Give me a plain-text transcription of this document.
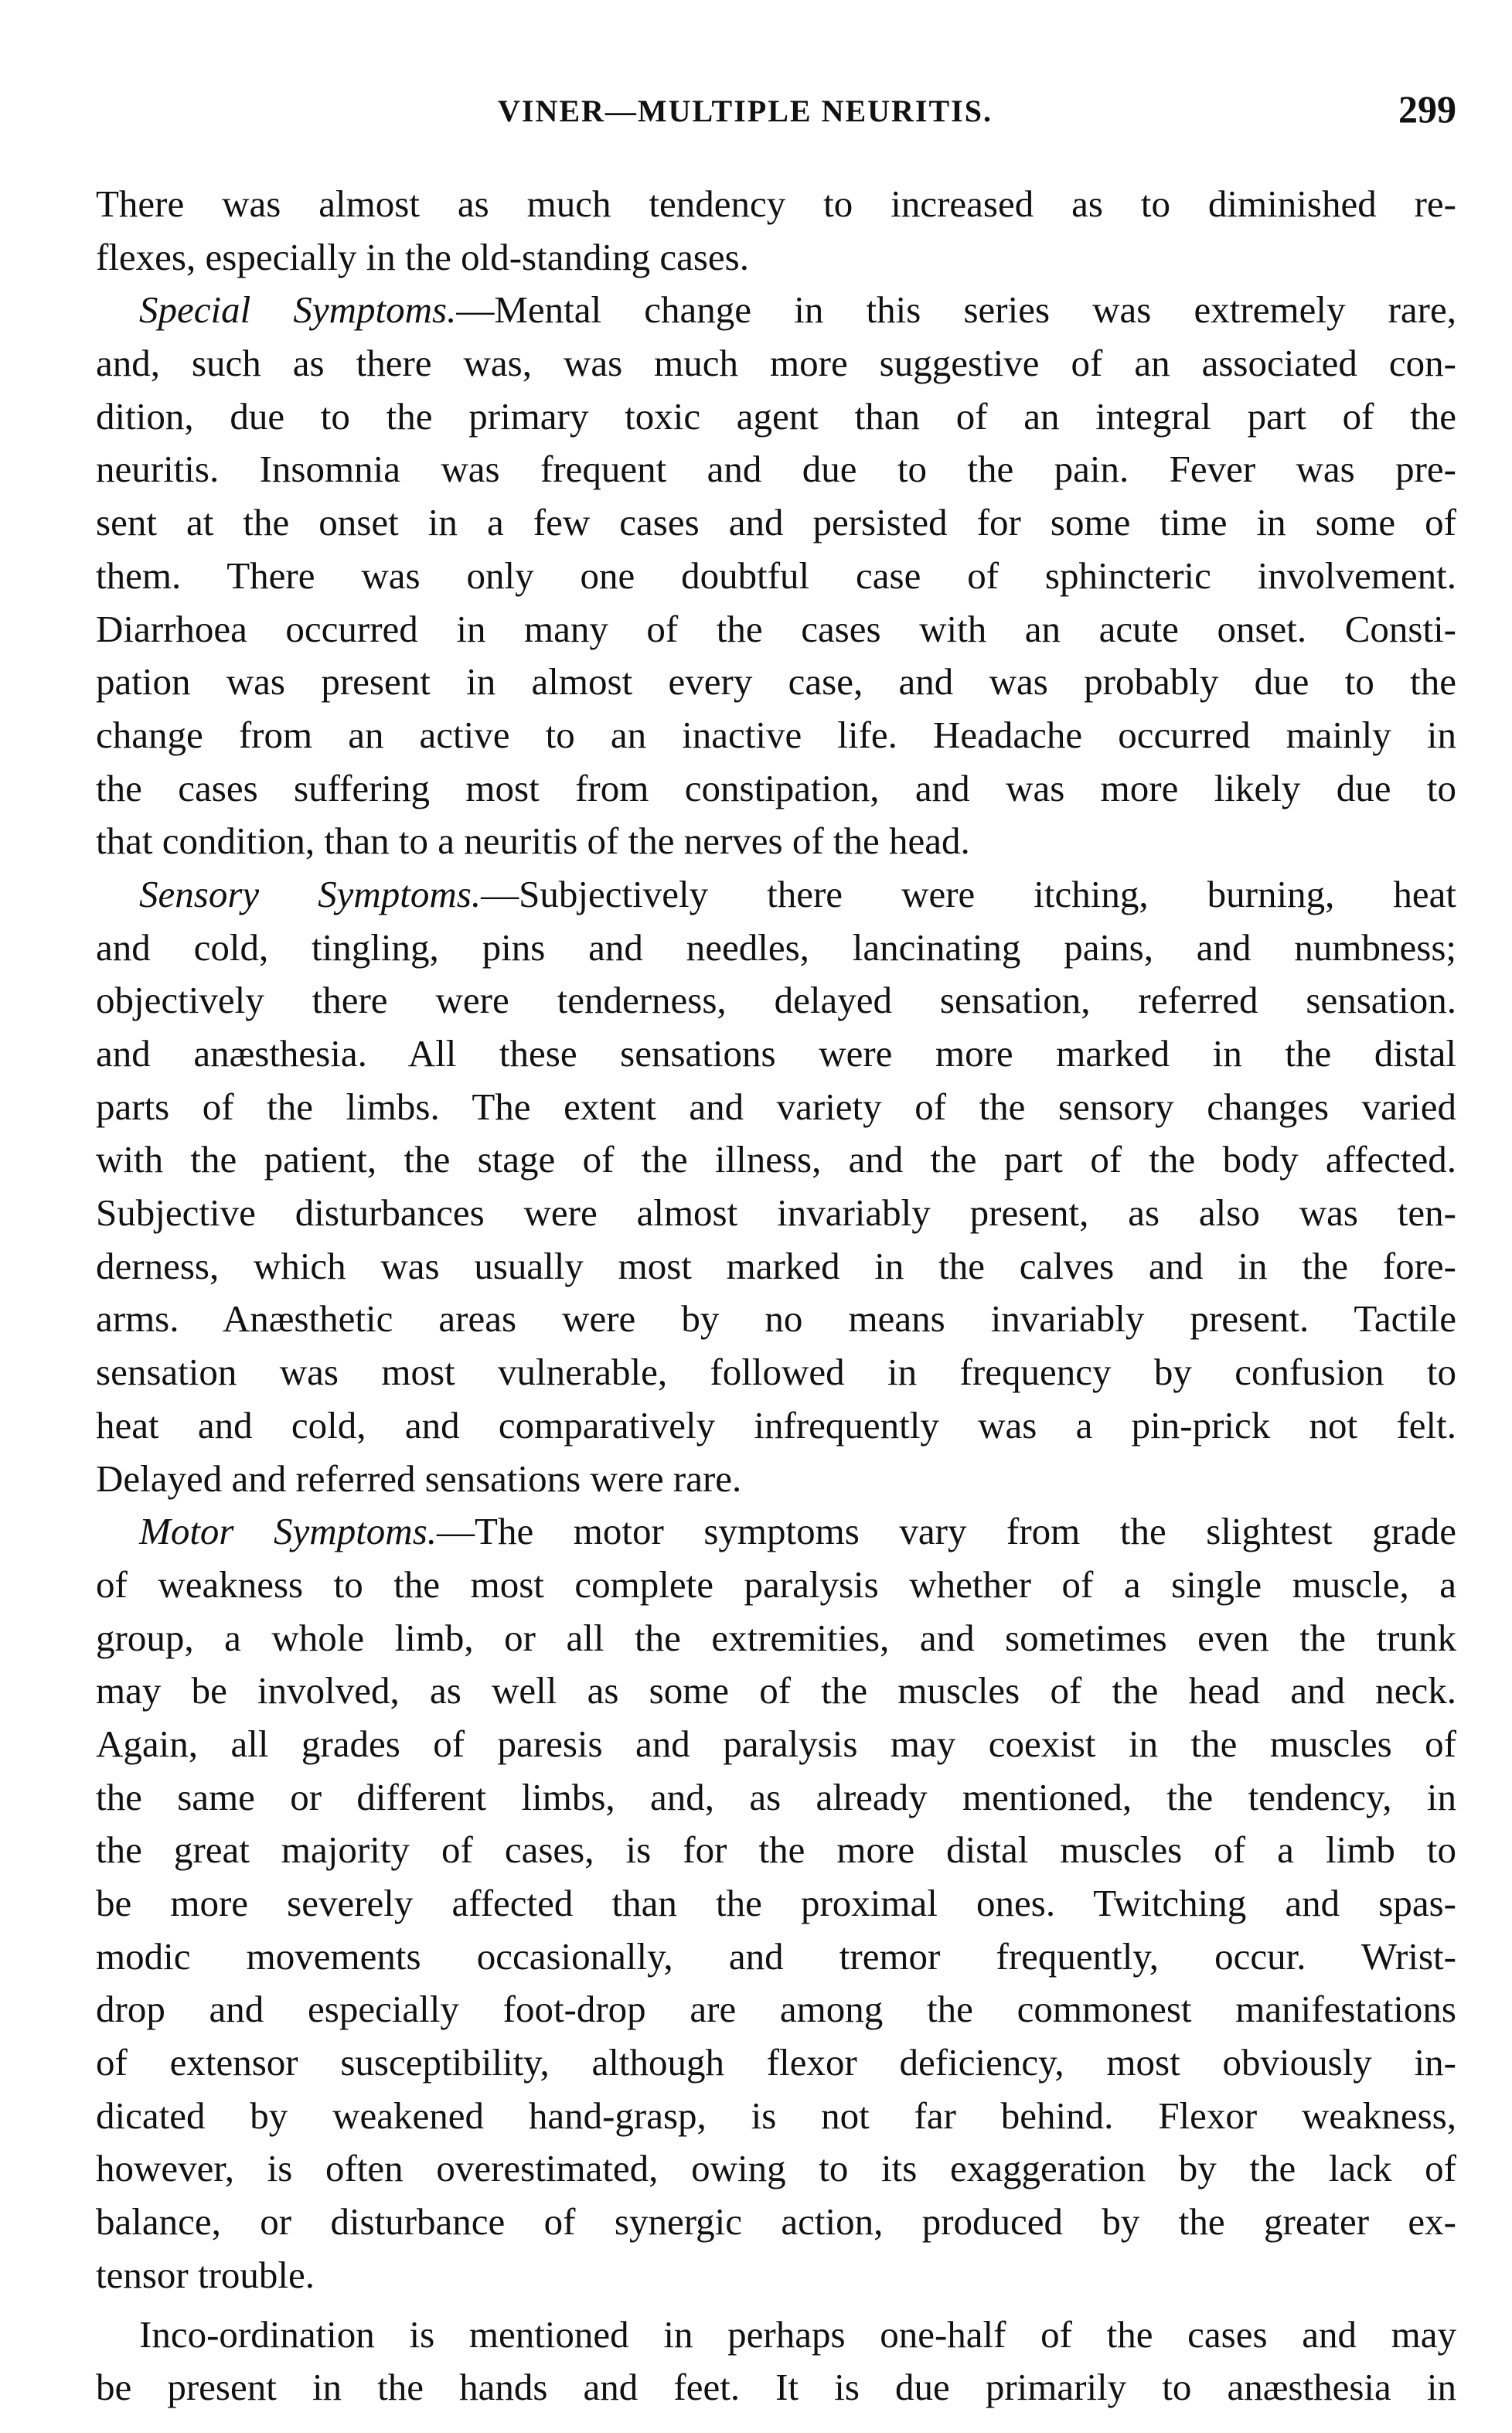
VINER—MULTIPLE NEURITIS.	299
There was almost as much tendency to increased as to diminished re-
flexes, especially in the old-standing cases.
Special Symptoms.—Mental change in this series was extremely rare,
and, such as there was, was much more suggestive of an associated con-
dition, due to the primary toxic agent than of an integral part of the
neuritis. Insomnia was frequent and due to the pain. Fever was pre-
sent at the onset in a few cases and persisted for some time in some of
them. There was only one doubtful case of sphincteric involvement.
Diarrhoea occurred in many of the cases with an acute onset. Consti-
pation was present in almost every case, and was probably due to the
change from an active to an inactive life. Headache occurred mainly in
the cases suffering most from constipation, and was more likely due to
that condition, than to a neuritis of the nerves of the head.
Sensory Symptoms.—Subjectively there were itching, burning, heat
and cold, tingling, pins and needles, lancinating pains, and numbness;
objectively there were tenderness, delayed sensation, referred sensation.
and anæsthesia. All these sensations were more marked in the distal
parts of the limbs. The extent and variety of the sensory changes varied
with the patient, the stage of the illness, and the part of the body affected.
Subjective disturbances were almost invariably present, as also was ten-
derness, which was usually most marked in the calves and in the fore-
arms. Anæsthetic areas were by no means invariably present. Tactile
sensation was most vulnerable, followed in frequency by confusion to
heat and cold, and comparatively infrequently was a pin-prick not felt.
Delayed and referred sensations were rare.
Motor Symptoms.—The motor symptoms vary from the slightest grade
of weakness to the most complete paralysis whether of a single muscle, a
group, a whole limb, or all the extremities, and sometimes even the trunk
may be involved, as well as some of the muscles of the head and neck.
Again, all grades of paresis and paralysis may coexist in the muscles of
the same or different limbs, and, as already mentioned, the tendency, in
the great majority of cases, is for the more distal muscles of a limb to
be more severely affected than the proximal ones. Twitching and spas-
modic movements occasionally, and tremor frequently, occur. Wrist-
drop and especially foot-drop are among the commonest manifestations
of extensor susceptibility, although flexor deficiency, most obviously in-
dicated by weakened hand-grasp, is not far behind. Flexor weakness,
however, is often overestimated, owing to its exaggeration by the lack of
balance, or disturbance of synergic action, produced by the greater ex-
tensor trouble.
Inco-ordination is mentioned in perhaps one-half of the cases and may
be present in the hands and feet. It is due primarily to anæsthesia in
